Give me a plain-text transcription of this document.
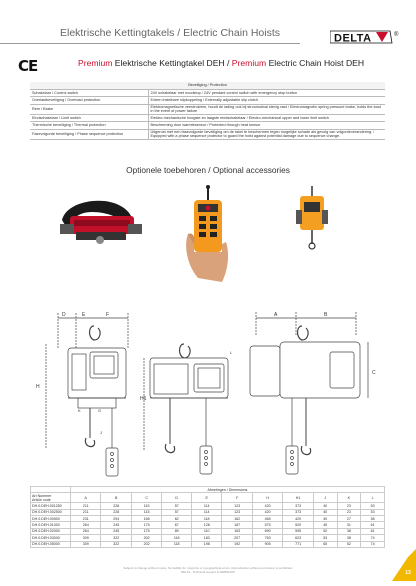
Elektrische Kettingtakels / Electric Chain Hoists	DELTA	®
CE	Premium Elektrische Kettingtakel DEH / Premium Electric Chain Hoist DEH
Beveiliging / Protection	
Schakelaar / Control switch	24V schakelaar met noodstop / 24V pendant control switch with emergency stop button
Overlastbeveiliging / Overload protection	Extern instelbare slipkoppeling / Externally adjustable slip clutch
Rem / Brake	Elektromagnetische veerdrukrem, houdt de lading ook bij stroomuitval stevig vast / Electromagnetic spring pressure brake, holds the load in the event of power failure
Eindschakelaar / Limit switch	Elektro-mechanische hoogste en laagste eindschakelaar / Electro-mechanical upper and lower limit switch
Thermische beveiliging / Thermal protection	Bescherming door warmtesensor / Protected through heat sensor
Fasevolgorde beveiliging / Phase sequence protection	Uitgerust met een fasevolgorde beveiliging om de takel te beschermen tegen mogelijke schade als gevolg van volgordeverandering. / Equipped with a phase sequence protector to guard the hoist against potential damage due to sequence change.
Optionele toebehoren / Optional accessories
D	E	F
H
K
J
G
H1
L
A	B
C
	Afmetingen / Dimensions										
Art Nummer
Article code	A	B	C	D	E	F	H	H1	J	K	L
DH.0.DEH.001250	211	228	115	57	114	123	420	373	40	23	53
DH.0.DEH.002500	211	228	115	57	114	123	420	373	40	23	53
DH.0.DEH.00500	231	294	165	62	118	162	465	420	40	27	58
DH.0.DEH.01000	264	245	175	67	128	187	575	520	45	31	61
DH.0.DEH.02000	264	245	175	89	110	163	690	595	52	38	61
DH.0.DEH.03000	309	322	202	118	183	207	763	623	53	38	74
DH.0.DEH.05000	309	322	202	118	198	192	905	771	65	52	74
Subject to change without notice. No liability for misprints or typographical errors. Reproduction without permission is prohibited.
DELTA - Technical support & WEBSHOP	13
